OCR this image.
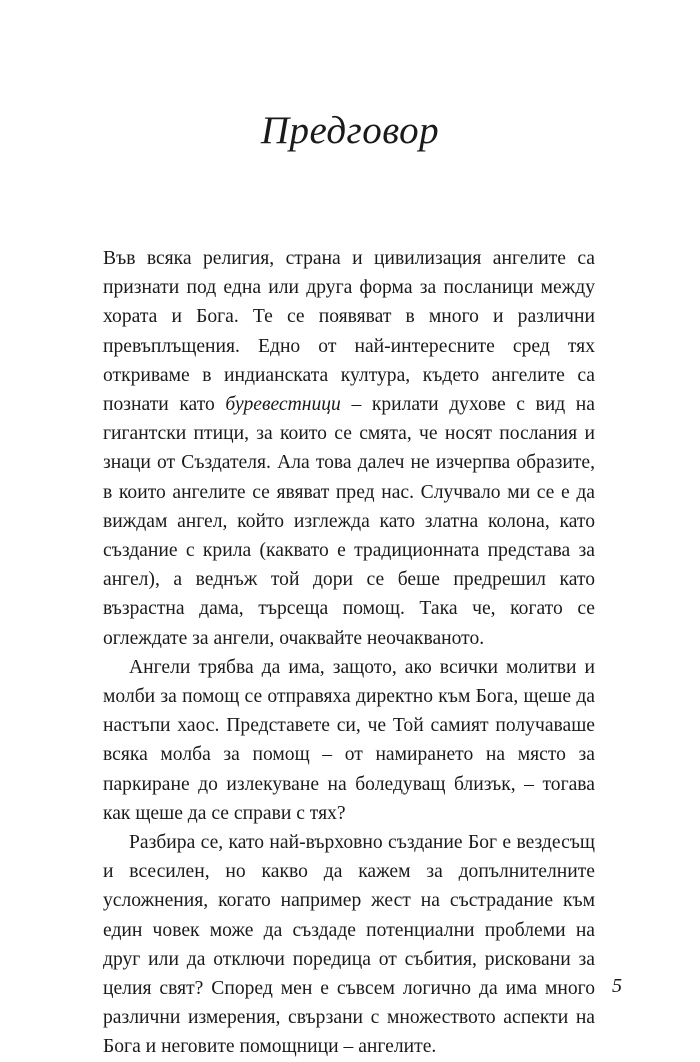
Предговор

Във всяка религия, страна и цивилизация ангелите са признати под една или друга форма за посланици между хората и Бога. Те се появяват в много и различни превъплъщения. Едно от най-интересните сред тях откриваме в индианската култура, където ангелите са познати като буревестници – крилати духове с вид на гигантски птици, за които се смята, че носят послания и знаци от Създателя. Ала това далеч не изчерпва образите, в които ангелите се явяват пред нас. Случвало ми се е да виждам ангел, който изглежда като златна колона, като създание с крила (каквато е традиционната представа за ангел), а веднъж той дори се беше предрешил като възрастна дама, търсеща помощ. Така че, когато се оглеждате за ангели, очаквайте неочакваното.

Ангели трябва да има, защото, ако всички молитви и молби за помощ се отправяха директно към Бога, щеше да настъпи хаос. Представете си, че Той самият получаваше всяка молба за помощ – от намирането на място за паркиране до излекуване на боледуващ близък, – тогава как щеше да се справи с тях?

Разбира се, като най-върховно създание Бог е вездесъщ и всесилен, но какво да кажем за допълнителните усложнения, когато например жест на състрадание към един човек може да създаде потенциални проблеми на друг или да отключи поредица от събития, рисковани за целия свят? Според мен е съвсем логично да има много различни измерения, свързани с множеството аспекти на Бога и неговите помощници – ангелите.

5
